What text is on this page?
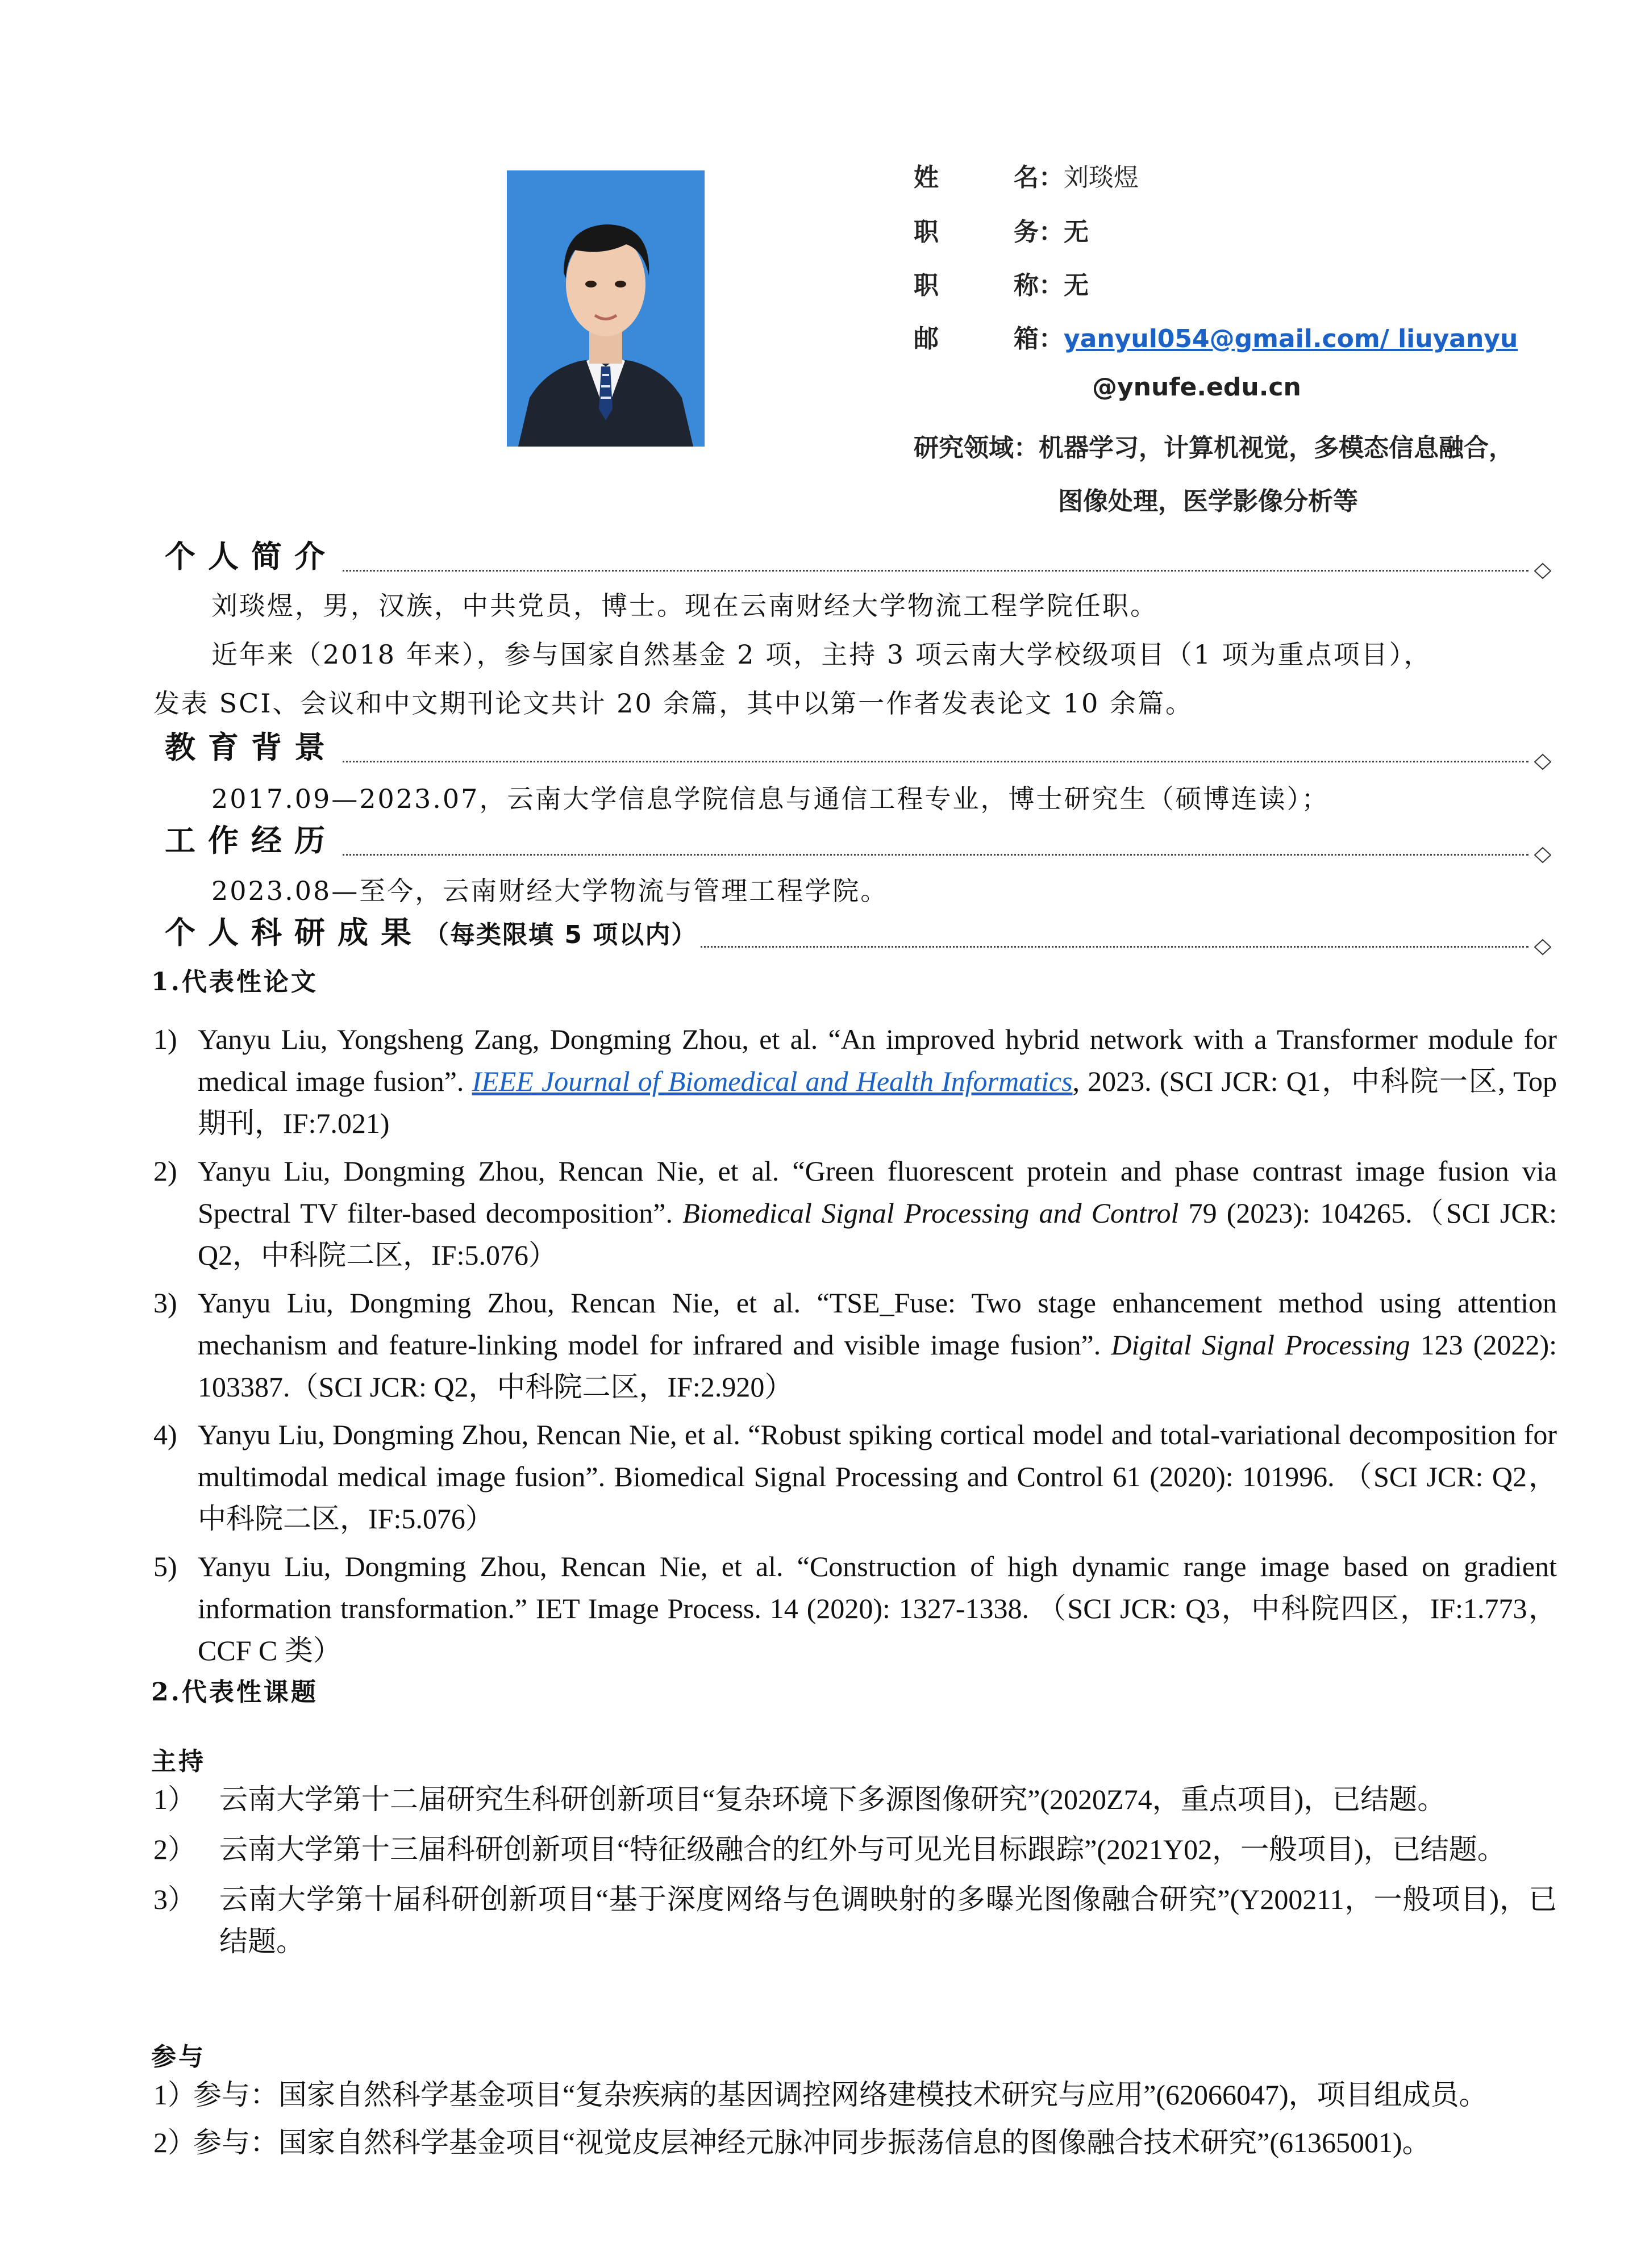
姓　　　名：刘琰煜
职　　　务：无
职　　　称：无
邮　　　箱：yanyul054@gmail.com/ liuyanyu
@ynufe.edu.cn
研究领域：机器学习，计算机视觉，多模态信息融合，
图像处理，医学影像分析等
个人简介
刘琰煜，男，汉族，中共党员，博士。现在云南财经大学物流工程学院任职。
近年来（2018 年来），参与国家自然基金 2 项，主持 3 项云南大学校级项目（1 项为重点项目），
发表 SCI、会议和中文期刊论文共计 20 余篇，其中以第一作者发表论文 10 余篇。
教育背景
2017.09—2023.07，云南大学信息学院信息与通信工程专业，博士研究生（硕博连读）；
工作经历
2023.08—至今，云南财经大学物流与管理工程学院。
个人科研成果（每类限填 5 项以内）
1.代表性论文
1) Yanyu Liu, Yongsheng Zang, Dongming Zhou, et al. “An improved hybrid network with a Transformer module for medical image fusion”. IEEE Journal of Biomedical and Health Informatics, 2023. (SCI JCR: Q1，中科院一区, Top 期刊，IF:7.021)
2) Yanyu Liu, Dongming Zhou, Rencan Nie, et al. “Green fluorescent protein and phase contrast image fusion via Spectral TV filter-based decomposition”. Biomedical Signal Processing and Control 79 (2023): 104265.（SCI JCR: Q2，中科院二区，IF:5.076）
3) Yanyu Liu, Dongming Zhou, Rencan Nie, et al. “TSE_Fuse: Two stage enhancement method using attention mechanism and feature-linking model for infrared and visible image fusion”. Digital Signal Processing 123 (2022): 103387.（SCI JCR: Q2，中科院二区，IF:2.920）
4) Yanyu Liu, Dongming Zhou, Rencan Nie, et al. “Robust spiking cortical model and total-variational decomposition for multimodal medical image fusion”. Biomedical Signal Processing and Control 61 (2020): 101996. （SCI JCR: Q2，中科院二区，IF:5.076）
5) Yanyu Liu, Dongming Zhou, Rencan Nie, et al. “Construction of high dynamic range image based on gradient information transformation.” IET Image Process. 14 (2020): 1327-1338. （SCI JCR: Q3，中科院四区，IF:1.773，CCF C 类）
2.代表性课题
主持
1） 云南大学第十二届研究生科研创新项目“复杂环境下多源图像研究”(2020Z74，重点项目)，已结题。
2） 云南大学第十三届科研创新项目“特征级融合的红外与可见光目标跟踪”(2021Y02，一般项目)，已结题。
3） 云南大学第十届科研创新项目“基于深度网络与色调映射的多曝光图像融合研究”(Y200211，一般项目)，已结题。
参与
1）
参与：国家自然科学基金项目“复杂疾病的基因调控网络建模技术研究与应用”(62066047)，项目组成员。
2）
参与：国家自然科学基金项目“视觉皮层神经元脉冲同步振荡信息的图像融合技术研究”(61365001)。
